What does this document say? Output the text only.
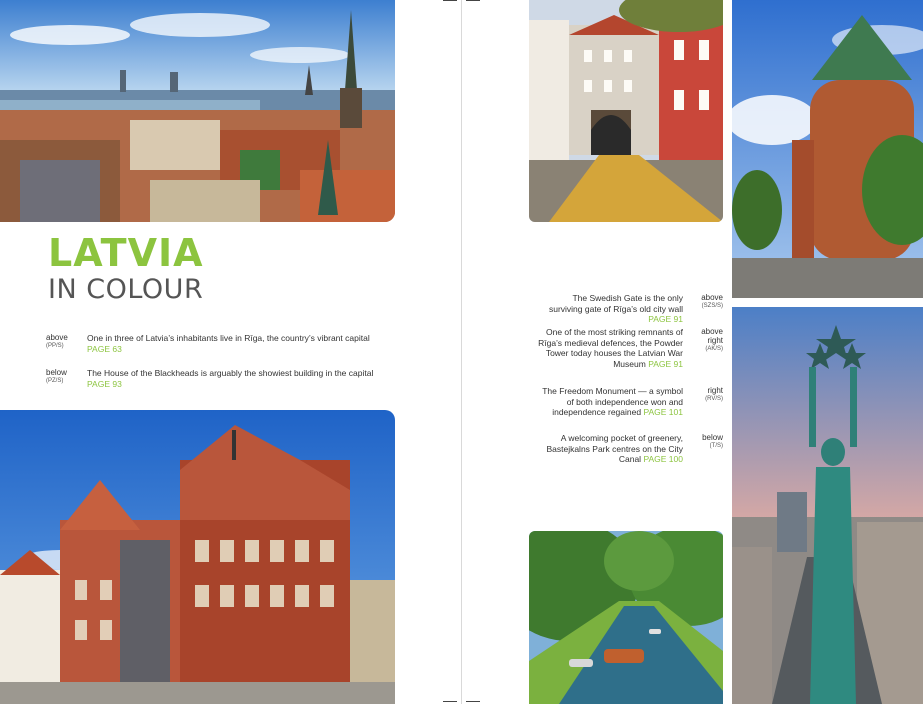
LATVIA
IN COLOUR
above
(PP/S)
One in three of Latvia’s inhabitants live in Rīga, the country’s vibrant capital
PAGE 63
below
(PZ/S)
The House of the Blackheads is arguably the showiest building in the capital
PAGE 93
The Swedish Gate is the only surviving gate of Rīga’s old city wall PAGE 91
above
(SZS/S)
One of the most striking remnants of Rīga’s medieval defences, the Powder Tower today houses the Latvian War Museum PAGE 91
above right
(AK/S)
The Freedom Monument — a symbol of both independence won and independence regained PAGE 101
right
(RV/S)
A welcoming pocket of greenery, Bastejkalns Park centres on the City Canal PAGE 100
below
(T/S)
